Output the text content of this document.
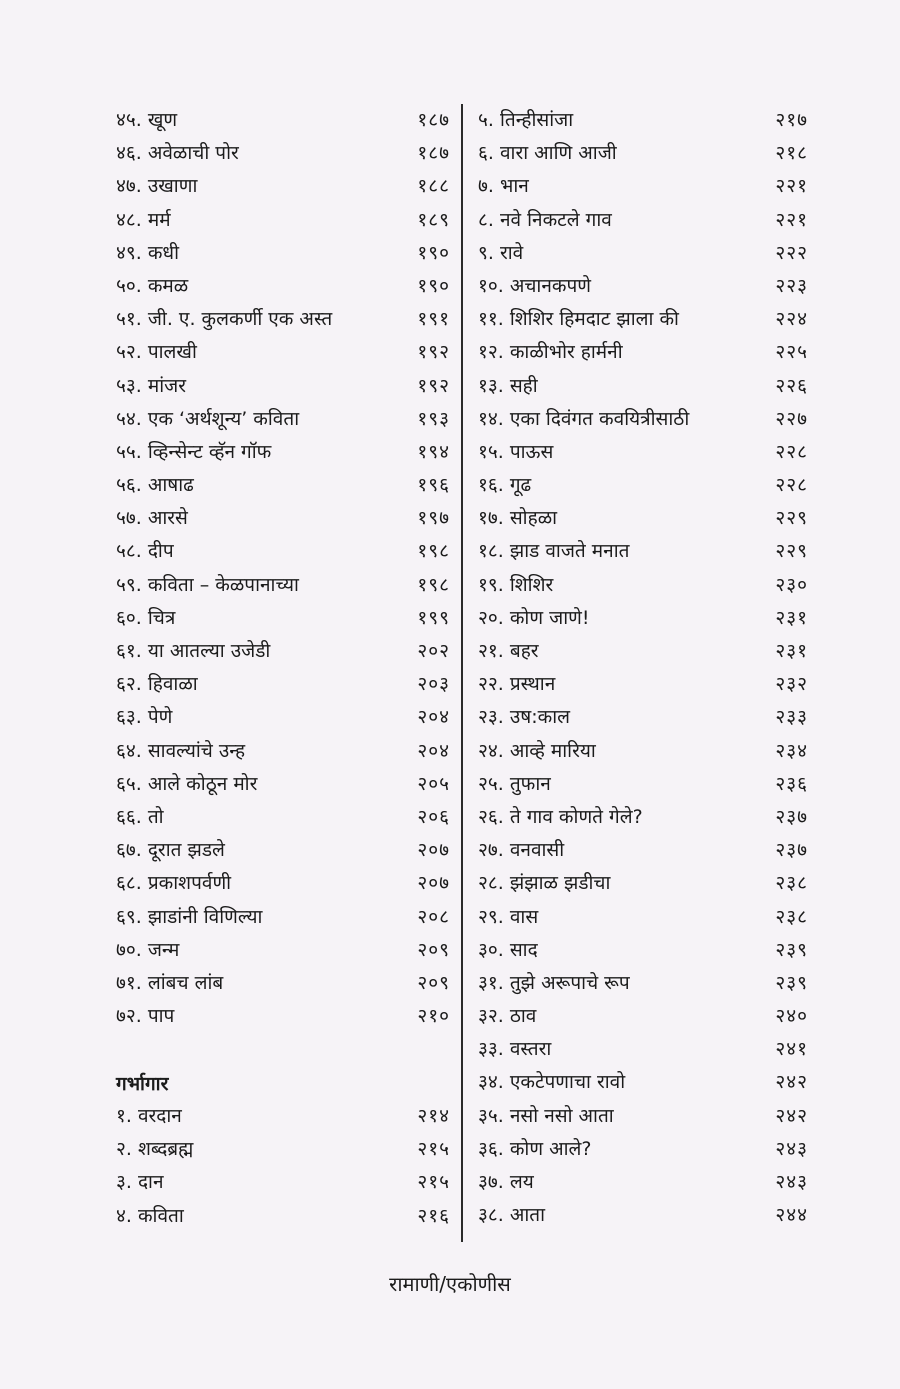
४५. खूण	१८७
४६. अवेळाची पोर	१८७
४७. उखाणा	१८८
४८. मर्म	१८९
४९. कधी	१९०
५०. कमळ	१९०
५१. जी. ए. कुलकर्णी एक अस्त	१९१
५२. पालखी	१९२
५३. मांजर	१९२
५४. एक ‘अर्थशून्य’ कविता	१९३
५५. व्हिन्सेन्ट व्हॅन गॉफ	१९४
५६. आषाढ	१९६
५७. आरसे	१९७
५८. दीप	१९८
५९. कविता – केळपानाच्या	१९८
६०. चित्र	१९९
६१. या आतल्या उजेडी	२०२
६२. हिवाळा	२०३
६३. पेणे	२०४
६४. सावल्यांचे उन्ह	२०४
६५. आले कोठून मोर	२०५
६६. तो	२०६
६७. दूरात झडले	२०७
६८. प्रकाशपर्वणी	२०७
६९. झाडांनी विणिल्या	२०८
७०. जन्म	२०९
७१. लांबच लांब	२०९
७२. पाप	२१०
गर्भागार
१. वरदान	२१४
२. शब्दब्रह्म	२१५
३. दान	२१५
४. कविता	२१६
५. तिन्हीसांजा	२१७
६. वारा आणि आजी	२१८
७. भान	२२१
८. नवे निकटले गाव	२२१
९. रावे	२२२
१०. अचानकपणे	२२३
११. शिशिर हिमदाट झाला की	२२४
१२. काळीभोर हार्मनी	२२५
१३. सही	२२६
१४. एका दिवंगत कवयित्रीसाठी	२२७
१५. पाऊस	२२८
१६. गूढ	२२८
१७. सोहळा	२२९
१८. झाड वाजते मनात	२२९
१९. शिशिर	२३०
२०. कोण जाणे!	२३१
२१. बहर	२३१
२२. प्रस्थान	२३२
२३. उष:काल	२३३
२४. आव्हे मारिया	२३४
२५. तुफान	२३६
२६. ते गाव कोणते गेले?	२३७
२७. वनवासी	२३७
२८. झंझाळ झडीचा	२३८
२९. वास	२३८
३०. साद	२३९
३१. तुझे अरूपाचे रूप	२३९
३२. ठाव	२४०
३३. वस्तरा	२४१
३४. एकटेपणाचा रावो	२४२
३५. नसो नसो आता	२४२
३६. कोण आले?	२४३
३७. लय	२४३
३८. आता	२४४
रामाणी/एकोणीस
